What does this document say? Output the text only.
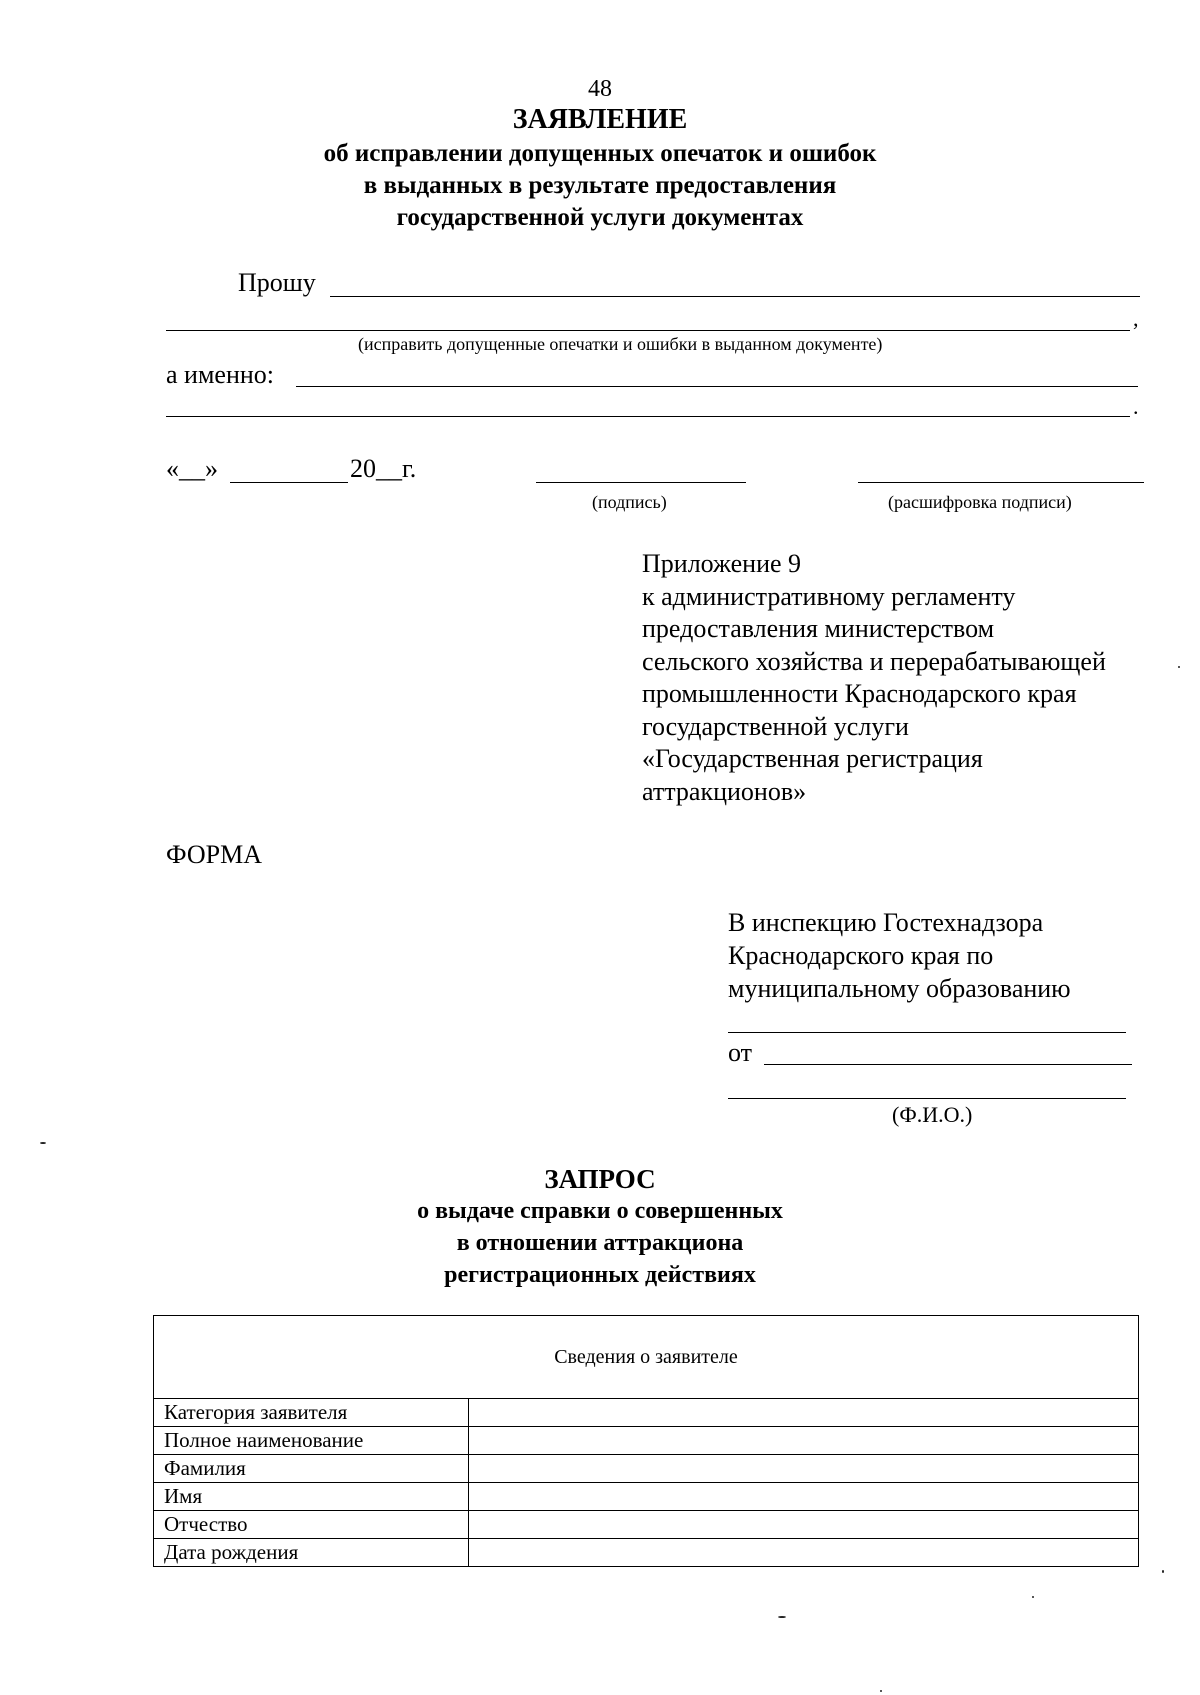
48
ЗАЯВЛЕНИЕ
об исправлении допущенных опечаток и ошибок
в выданных в результате предоставления
государственной услуги документах
Прошу
,
(исправить допущенные опечатки и ошибки в выданном документе)
а именно:
.
«__»	20__г.
(подпись)	(расшифровка подписи)
Приложение 9
к административному регламенту
предоставления министерством
сельского хозяйства и перерабатывающей
промышленности Краснодарского края
государственной услуги
«Государственная регистрация
аттракционов»
ФОРМА
В инспекцию Гостехнадзора
Краснодарского края по
муниципальному образованию
от
(Ф.И.О.)
ЗАПРОС
о выдаче справки о совершенных
в отношении аттракциона
регистрационных действиях
Сведения о заявителе	
Категория заявителя	
Полное наименование	
Фамилия	
Имя	
Отчество	
Дата рождения	
